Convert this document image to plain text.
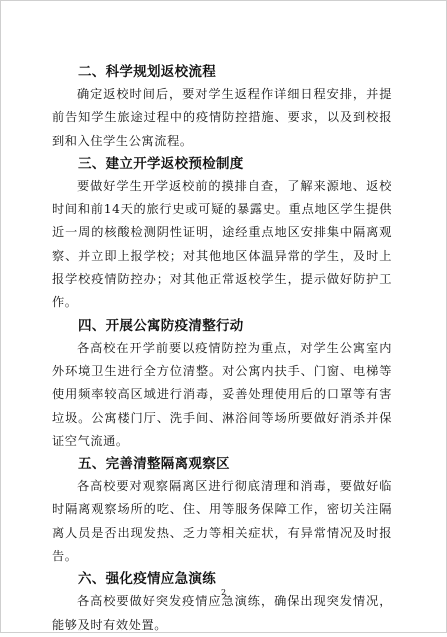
二、科学规划返校流程

确定返校时间后，要对学生返程作详细日程安排，并提前告知学生旅途过程中的疫情防控措施、要求，以及到校报到和入住学生公寓流程。

三、建立开学返校预检制度

要做好学生开学返校前的摸排自查，了解来源地、返校时间和前14天的旅行史或可疑的暴露史。重点地区学生提供近一周的核酸检测阴性证明，途经重点地区安排集中隔离观察、并立即上报学校；对其他地区体温异常的学生，及时上报学校疫情防控办；对其他正常返校学生，提示做好防护工作。

四、开展公寓防疫清整行动

各高校在开学前要以疫情防控为重点，对学生公寓室内外环境卫生进行全方位清整。对公寓内扶手、门窗、电梯等使用频率较高区域进行消毒，妥善处理使用后的口罩等有害垃圾。公寓楼门厅、洗手间、淋浴间等场所要做好消杀并保证空气流通。

五、完善清整隔离观察区

各高校要对观察隔离区进行彻底清理和消毒，要做好临时隔离观察场所的吃、住、用等服务保障工作，密切关注隔离人员是否出现发热、乏力等相关症状，有异常情况及时报告。

六、强化疫情应急演练

各高校要做好突发疫情应急演练，确保出现突发情况，能够及时有效处置。

2
